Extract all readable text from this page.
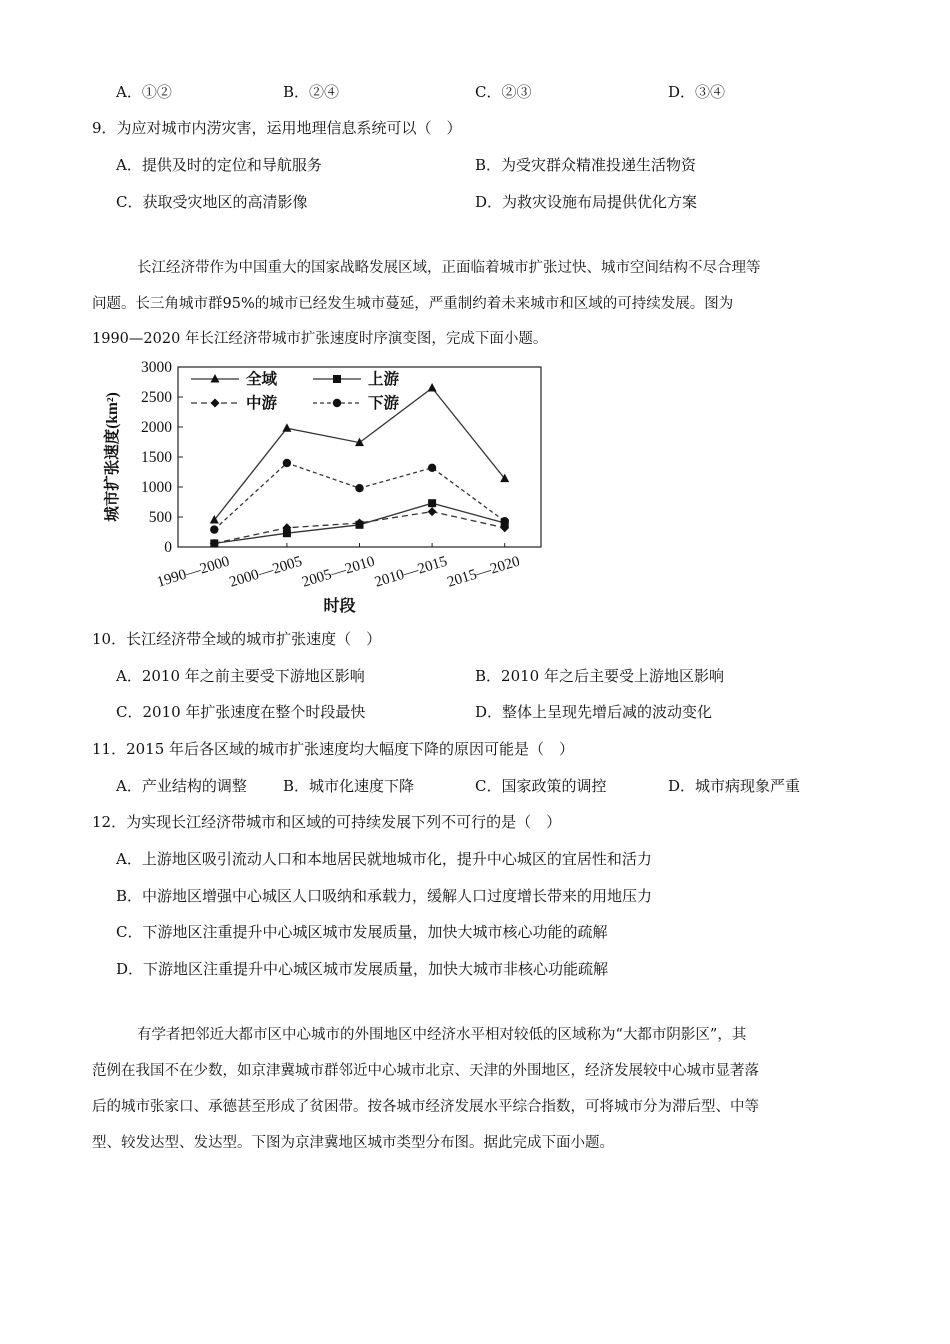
A．①②	B．②④	C．②③	D．③④
9．为应对城市内涝灾害，运用地理信息系统可以（　）
A．提供及时的定位和导航服务	B．为受灾群众精准投递生活物资
C．获取受灾地区的高清影像	D．为救灾设施布局提供优化方案
长江经济带作为中国重大的国家战略发展区域，正面临着城市扩张过快、城市空间结构不尽合理等
问题。长三角城市群95%的城市已经发生城市蔓延，严重制约着未来城市和区域的可持续发展。图为
1990—2020 年长江经济带城市扩张速度时序演变图，完成下面小题。
全域	上游
中游	下游
0
500
1000
1500
2000
2500
3000
1990—2000
2000—2005
2005—2010
2010—2015
2015—2020
时段
城市扩张速度(km²)
10．长江经济带全域的城市扩张速度（　）
A．2010 年之前主要受下游地区影响	B．2010 年之后主要受上游地区影响
C．2010 年扩张速度在整个时段最快	D．整体上呈现先增后减的波动变化
11．2015 年后各区域的城市扩张速度均大幅度下降的原因可能是（　）
A．产业结构的调整 B．城市化速度下降	C．国家政策的调控	D．城市病现象严重
12．为实现长江经济带城市和区域的可持续发展下列不可行的是（　）
A．上游地区吸引流动人口和本地居民就地城市化，提升中心城区的宜居性和活力
B．中游地区增强中心城区人口吸纳和承载力，缓解人口过度增长带来的用地压力
C．下游地区注重提升中心城区城市发展质量，加快大城市核心功能的疏解
D．下游地区注重提升中心城区城市发展质量，加快大城市非核心功能疏解
有学者把邻近大都市区中心城市的外围地区中经济水平相对较低的区域称为“大都市阴影区”，其
范例在我国不在少数，如京津冀城市群邻近中心城市北京、天津的外围地区，经济发展较中心城市显著落
后的城市张家口、承德甚至形成了贫困带。按各城市经济发展水平综合指数，可将城市分为滞后型、中等
型、较发达型、发达型。下图为京津冀地区城市类型分布图。据此完成下面小题。
